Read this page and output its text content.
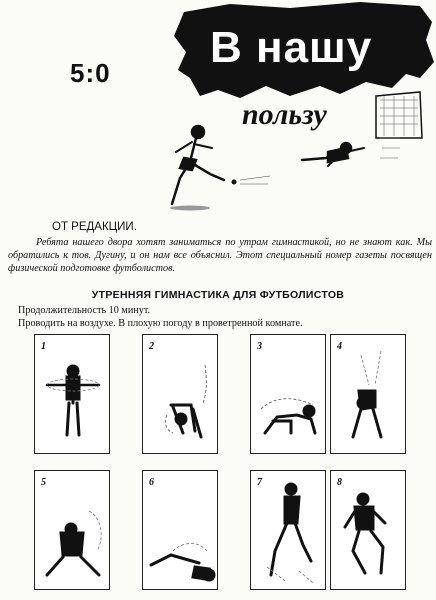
5:0
В нашу
пользу
ОТ РЕДАКЦИИ.
Ребята нашего двора хотят заниматься по утрам гимнастикой, но не знают как. Мы обратились к тов. Дугину, и он нам все объяснил. Этот специальный номер газеты посвящен физической подготовке футболистов.
УТРЕННЯЯ ГИМНАСТИКА ДЛЯ ФУТБОЛИСТОВ
Продолжительность 10 минут.
Проводить на воздухе. В плохую погоду в проветренной комнате.
1	2	3	4
5	6	7	8
